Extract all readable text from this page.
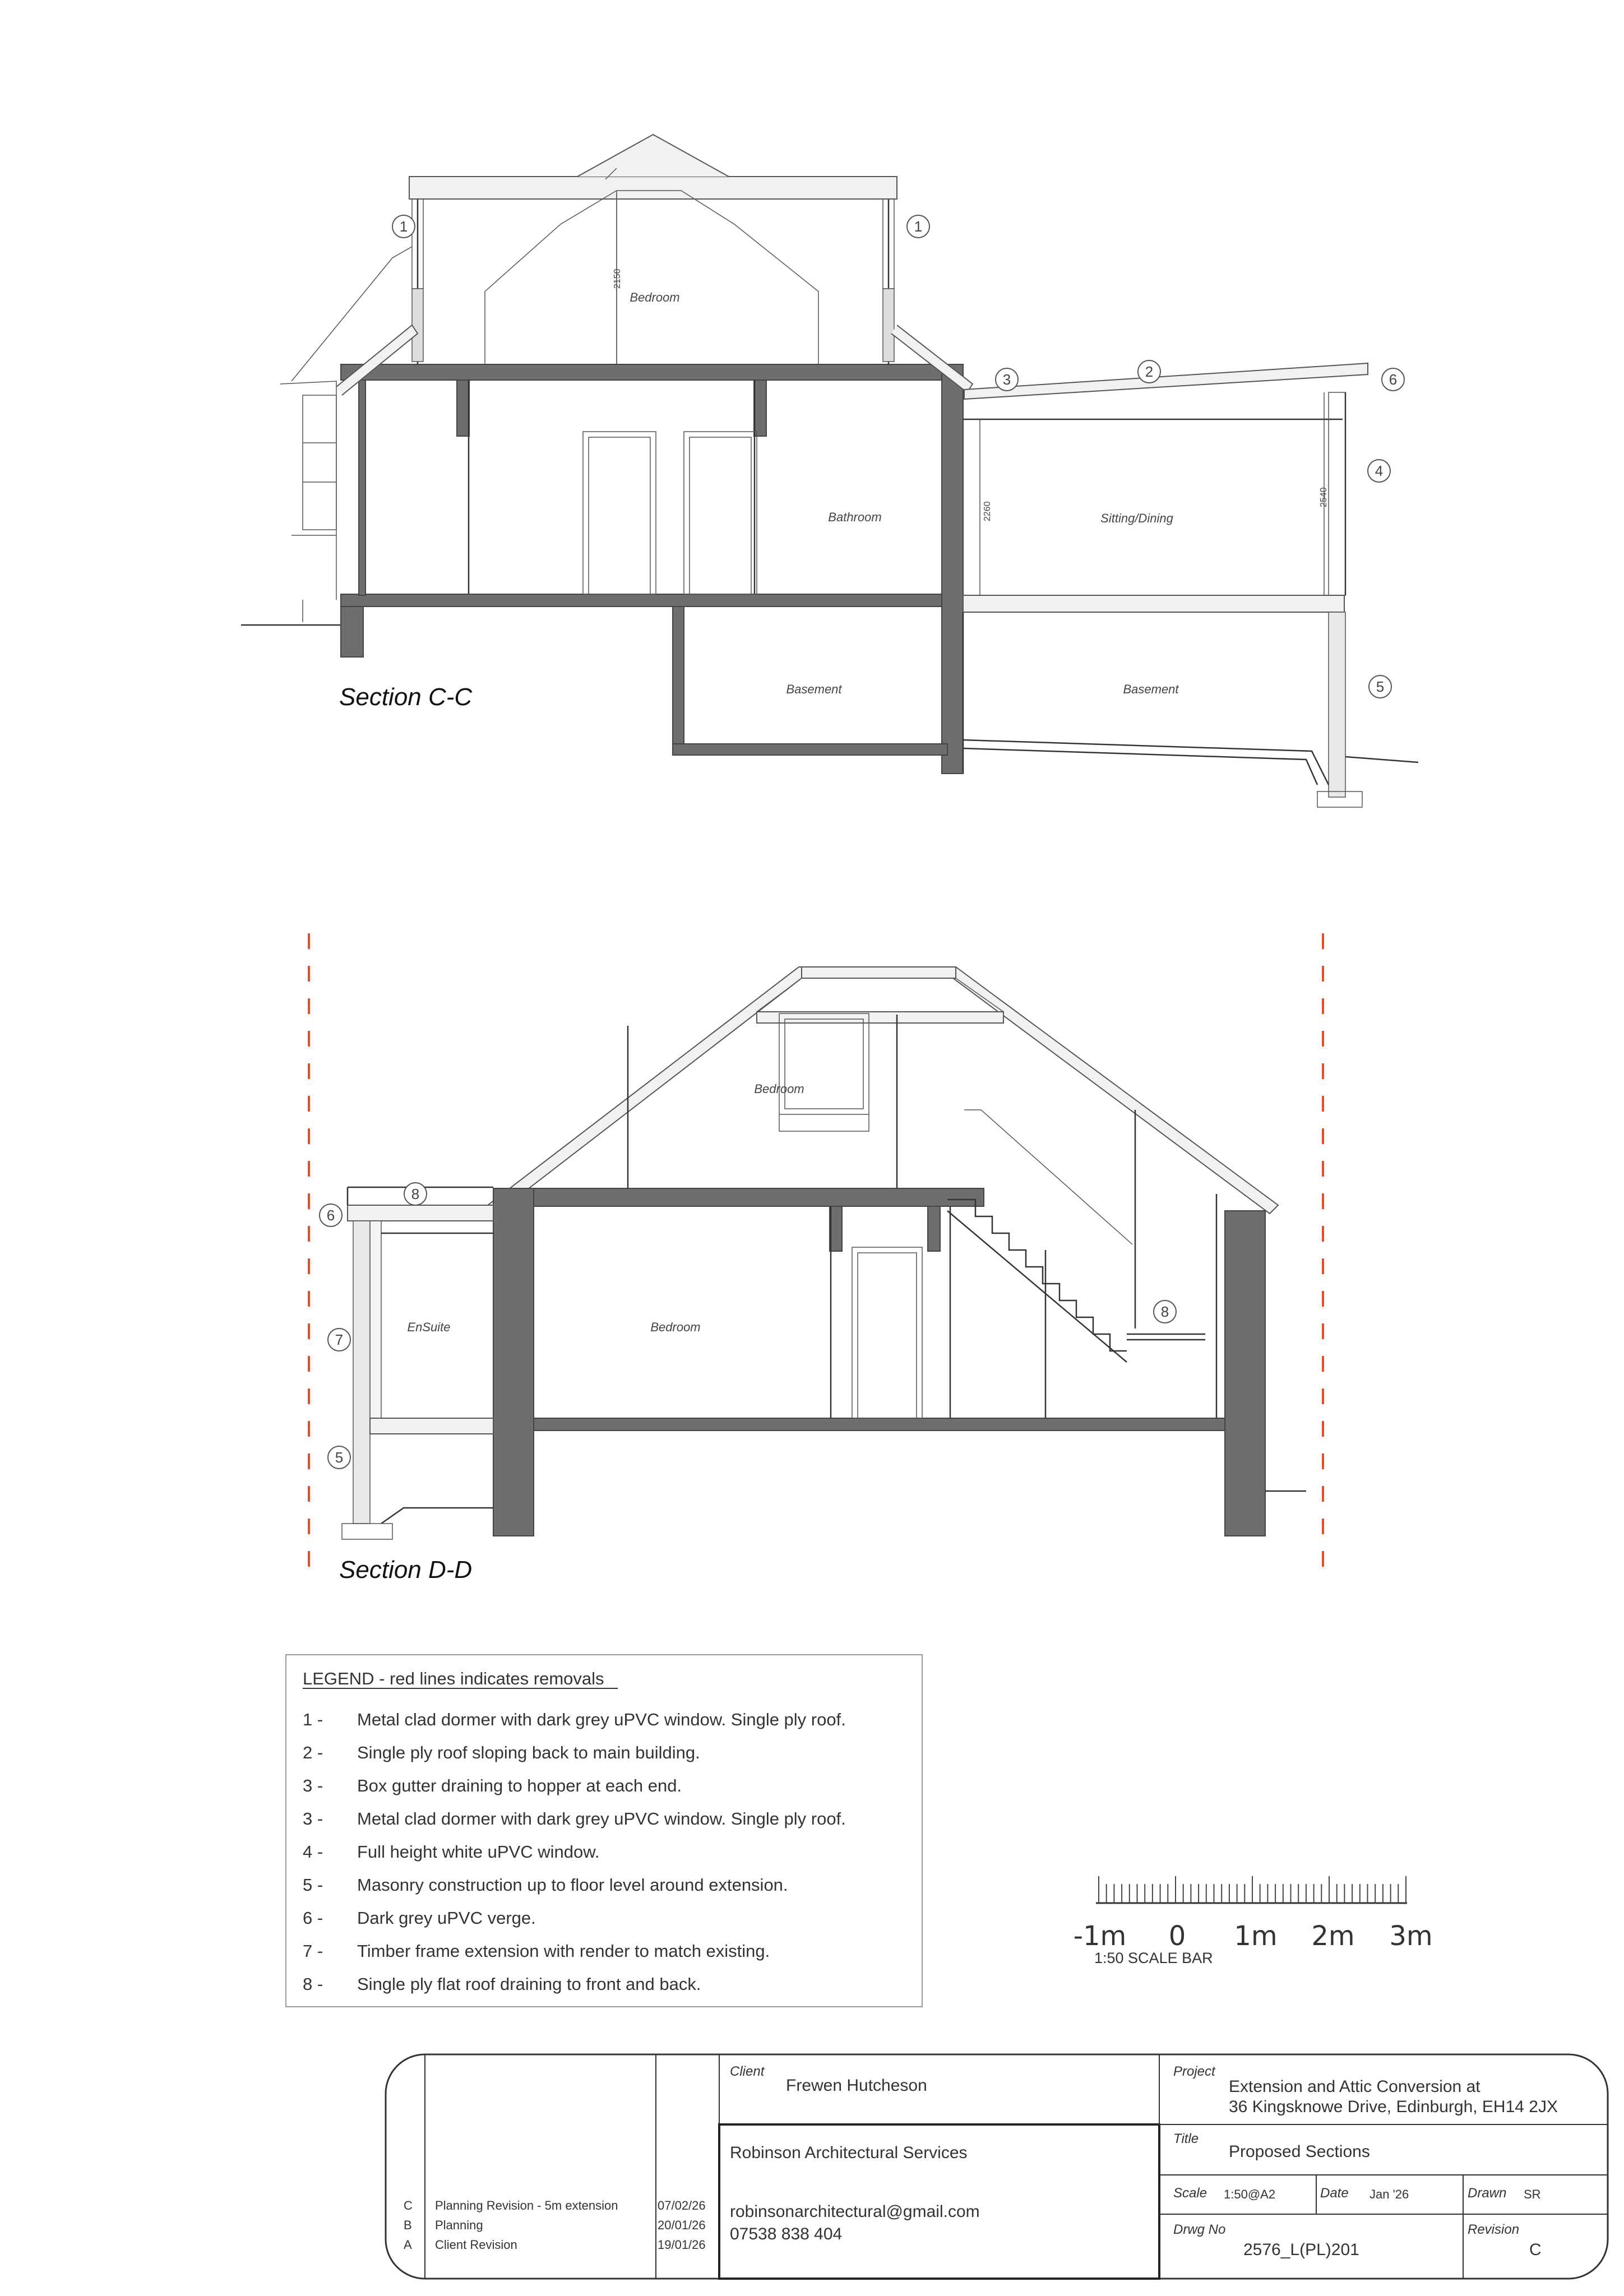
2150
2260
2540
Bedroom
Bathroom	Sitting/Dining
Basement	Basement
1	1
2
3	6
4
5
Section C-C
Bedroom
EnSuite	Bedroom
8
6
7
5
8
Section D-D
LEGEND - red lines indicates removals
1 - Metal clad dormer with dark grey uPVC window. Single ply roof.
2 - Single ply roof sloping back to main building.
3 - Box gutter draining to hopper at each end.
3 - Metal clad dormer with dark grey uPVC window. Single ply roof.
4 - Full height white uPVC window.
5 - Masonry construction up to floor level around extension.
6 - Dark grey uPVC verge.
7 - Timber frame extension with render to match existing.
8 - Single ply flat roof draining to front and back.
-1m 0 1m 2m 3m
1:50 SCALE BAR
C Planning Revision - 5m extension	07/02/26
B Planning	20/01/26
A Client Revision	19/01/26
Client
Frewen Hutcheson
Robinson Architectural Services
robinsonarchitectural@gmail.com
07538 838 404
Project
Extension and Attic Conversion at
36 Kingsknowe Drive, Edinburgh, EH14 2JX
Title
Proposed Sections
Scale 1:50@A2	Date Jan '26	Drawn SR
Drwg No
2576_L(PL)201
Revision
C
